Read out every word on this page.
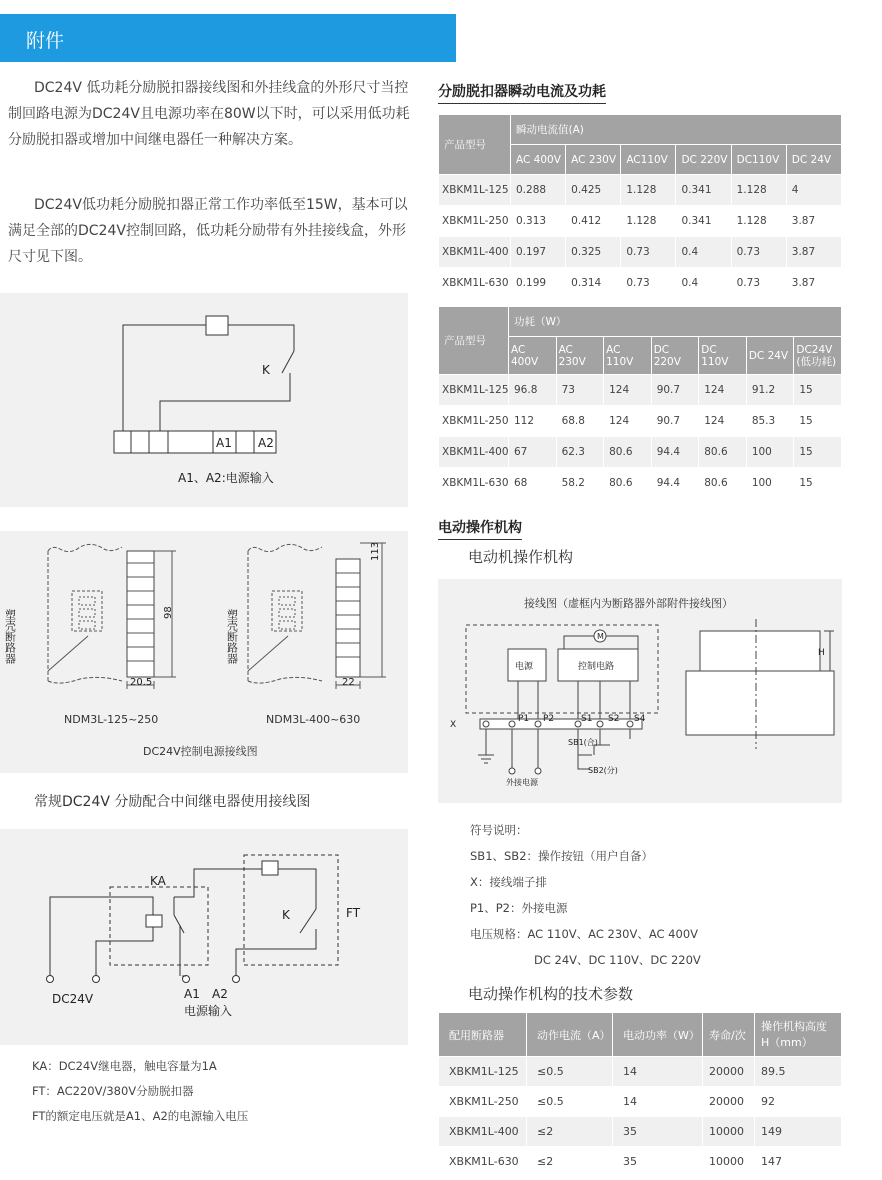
附件
DC24V 低功耗分励脱扣器接线图和外挂线盒的外形尺寸当控制回路电源为DC24V且电源功率在80W以下时，可以采用低功耗分励脱扣器或增加中间继电器任一种解决方案。
DC24V低功耗分励脱扣器正常工作功率低至15W，基本可以满足全部的DC24V控制回路，低功耗分励带有外挂接线盒，外形尺寸见下图。
K
A1 A2
A1、A2:电源输入
塑壳断路器	塑壳断路器
98
113
20.5	22
NDM3L-125~250	NDM3L-400~630
DC24V控制电源接线图
常规DC24V 分励配合中间继电器使用接线图
KA
K	FT
DC24V	A1 A2
电源输入
KA：DC24V继电器，触电容量为1A
FT：AC220V/380V分励脱扣器
FT的额定电压就是A1、A2的电源输入电压
分励脱扣器瞬动电流及功耗
产品型号	瞬动电流值(A)					
	AC 400V	AC 230V	AC110V	DC 220V	DC110V	DC 24V
XBKM1L-125	0.288	0.425	1.128	0.341	1.128	4
XBKM1L-250	0.313	0.412	1.128	0.341	1.128	3.87
XBKM1L-400	0.197	0.325	0.73	0.4	0.73	3.87
XBKM1L-630	0.199	0.314	0.73	0.4	0.73	3.87
产品型号	功耗（W）						
	AC 400V	AC 230V	AC 110V	DC 220V	DC 110V	DC 24V	DC24V
(低功耗)
XBKM1L-125	96.8	73	124	90.7	124	91.2	15
XBKM1L-250	112	68.8	124	90.7	124	85.3	15
XBKM1L-400	67	62.3	80.6	94.4	80.6	100	15
XBKM1L-630	68	58.2	80.6	94.4	80.6	100	15
电动操作机构
电动机操作机构
接线图（虚框内为断路器外部附件接线图）
M
电源	控制电路
X
P1 P2	S1 S2 S4
SB1(合)
SB2(分)
外接电源
H
符号说明：
SB1、SB2：操作按钮（用户自备）
X：接线端子排
P1、P2：外接电源
电压规格：AC 110V、AC 230V、AC 400V
DC 24V、DC 110V、DC 220V
电动操作机构的技术参数
配用断路器	动作电流（A）	电动功率（W）	寿命/次	操作机构高度
H（mm）
XBKM1L-125	≤0.5	14	20000	89.5
XBKM1L-250	≤0.5	14	20000	92
XBKM1L-400	≤2	35	10000	149
XBKM1L-630	≤2	35	10000	147
